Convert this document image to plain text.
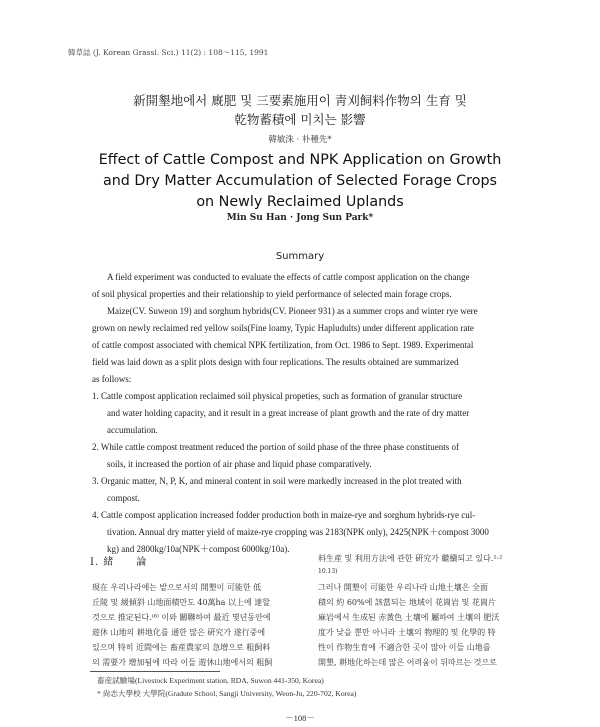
韓草誌 (J. Korean Grassl. Sci.) 11(2) : 108～115, 1991
新開墾地에서 廐肥 및 三要素施用이 靑刈飼料作物의 生育 및
乾物蓄積에 미치는 影響
韓敏洙 · 朴種先*
Effect of Cattle Compost and NPK Application on Growth
and Dry Matter Accumulation of Selected Forage Crops
on Newly Reclaimed Uplands
Min Su Han · Jong Sun Park*
Summary
A field experiment was conducted to evaluate the effects of cattle compost application on the change
of soil physical properties and their relationship to yield performance of selected main forage crops.
Maize(CV. Suweon 19) and sorghum hybrids(CV. Pioneer 931) as a summer crops and winter rye were
grown on newly reclaimed red yellow soils(Fine loamy, Typic Hapludults) under different application rate
of cattle compost associated with chemical NPK fertilization, from Oct. 1986 to Sept. 1989. Experimental
field was laid down as a split plots design with four replications. The results obtained are summarized
as follows:
1. Cattle compost application reclaimed soil physical propeties, such as formation of granular structure
and water holding capacity, and it result in a great increase of plant growth and the rate of dry matter
accumulation.
2. While cattle compost treatment reduced the portion of soild phase of the three phase constituents of
soils, it increased the portion of air phase and liquid phase comparatively.
3. Organic matter, N, P, K, and mineral content in soil were markedly increased in the plot treated with
compost.
4. Cattle compost application increased fodder production both in maize-rye and sorghum hybrids-rye cul-
tivation. Annual dry matter yield of maize-rye cropping was 2183(NPK only), 2425(NPK＋compost 3000
kg) and 2800kg/10a(NPK＋compost 6000kg/10a).
Ⅰ. 緒　　論
現在 우리나라에는 밭으로서의 開墾이 可能한 低
丘陵 및 緩傾斜 山地面積만도 40萬ha 以上에 達할
것으로 推定된다.⁽⁶⁾ 이와 關聯하여 最近 몇년동안에
遊休 山地의 耕地化를 通한 많은 硏究가 遂行중에
있으며 特히 近間에는 畜産農家의 急增으로 粗飼料
의 需要가 增加됨에 따라 이들 遊休山地에서의 粗飼
料生産 및 利用方法에 관한 硏究가 繼續되고 있다.¹·²
10.13)
그러나 開墾이 可能한 우리나라 山地土壤은 全面
積의 約 60%에 該當되는 地域이 花崗岩 및 花崗片
麻岩에서 生成된 赤黃色 土壤에 屬하여 土壤의 肥沃
度가 낮을 뿐만 아니라 土壤의 物理的 및 化學的 特
性이 作物生育에 不適合한 곳이 많아 이들 山地를
開墾, 耕地化하는데 많은 어려움이 뒤따르는 것으로
畜産試驗場(Livestock Experiment station, RDA, Suwon 441-350, Korea)
* 尙志大學校 大學院(Gradute School, Sangji University, Weon-Ju, 220-702, Korea)
－108－
